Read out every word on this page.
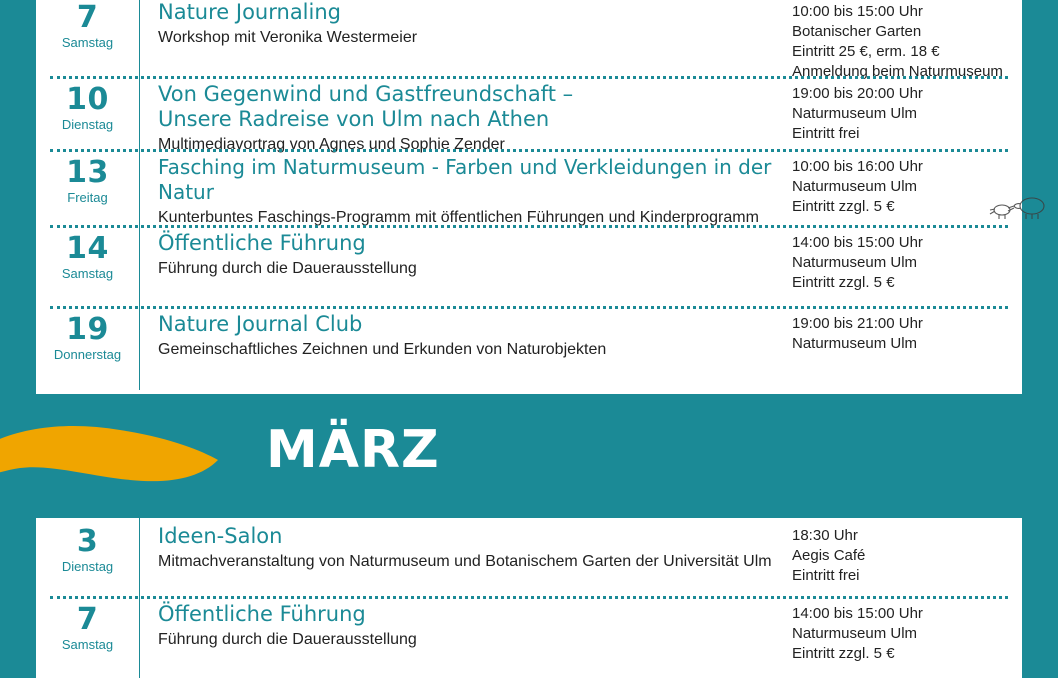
7
Samstag
Nature Journaling
Workshop mit Veronika Westermeier
10:00 bis 15:00 Uhr
Botanischer Garten
Eintritt 25 €, erm. 18 €
Anmeldung beim Naturmuseum
10
Dienstag
Von Gegenwind und Gastfreundschaft –
Unsere Radreise von Ulm nach Athen
Multimediavortrag von Agnes und Sophie Zender
19:00 bis 20:00 Uhr
Naturmuseum Ulm
Eintritt frei
13
Freitag
Fasching im Naturmuseum - Farben und Verkleidungen in der Natur
Kunterbuntes Faschings-Programm mit öffentlichen Führungen und Kinderprogramm
10:00 bis 16:00 Uhr
Naturmuseum Ulm
Eintritt zzgl. 5 €
14
Samstag
Öffentliche Führung
Führung durch die Dauerausstellung
14:00 bis 15:00 Uhr
Naturmuseum Ulm
Eintritt zzgl. 5 €
19
Donnerstag
Nature Journal Club
Gemeinschaftliches Zeichnen und Erkunden von Naturobjekten
19:00 bis 21:00 Uhr
Naturmuseum Ulm
MÄRZ
3
Dienstag
Ideen-Salon
Mitmachveranstaltung von Naturmuseum und Botanischem Garten der Universität Ulm
18:30 Uhr
Aegis Café
Eintritt frei
7
Samstag
Öffentliche Führung
Führung durch die Dauerausstellung
14:00 bis 15:00 Uhr
Naturmuseum Ulm
Eintritt zzgl. 5 €
